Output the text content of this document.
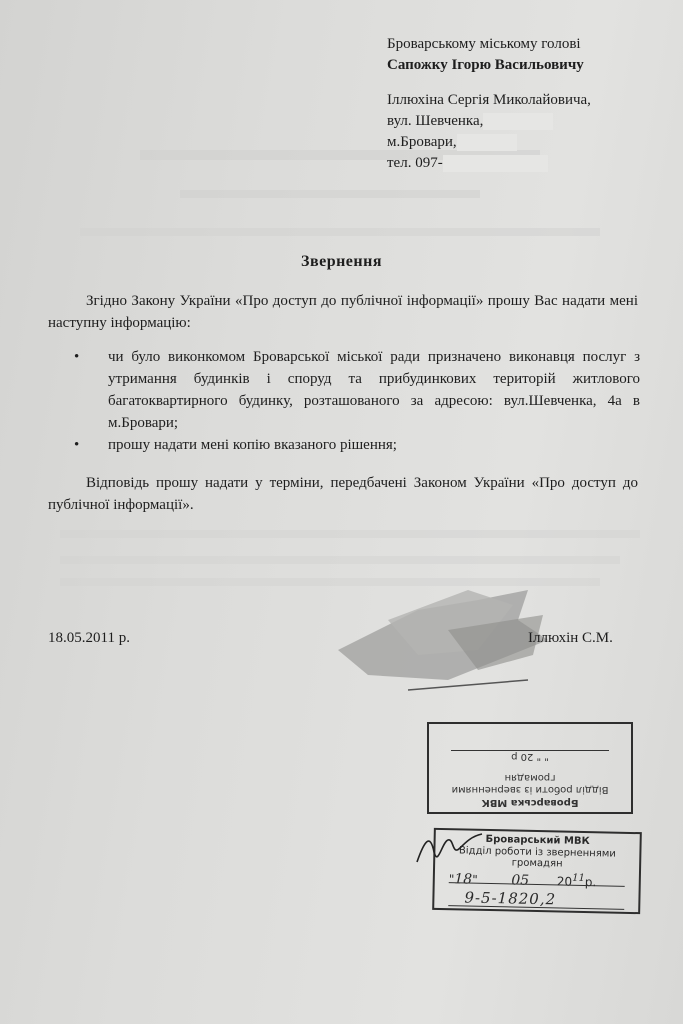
Броварському міському голові
Сапожку Ігорю Васильовичу
Іллюхіна Сергія Миколайовича,
вул. Шевченка,
м.Бровари,
тел. 097-
Звернення

Згідно Закону України «Про доступ до публічної інформації» прошу Вас надати мені наступну інформацію:

• чи було виконкомом Броварської міської ради призначено виконавця послуг з утримання будинків і споруд та прибудинкових територій житлового багатоквартирного будинку, розташованого за адресою: вул.Шевченка, 4а в м.Бровари;
• прошу надати мені копію вказаного рішення;

Відповідь прошу надати у терміни, передбачені Законом України «Про доступ до публічної інформації».

18.05.2011 р.	Іллюхін С.М.
Броварська МВК
Відділ роботи із зверненнями
громадян
" " 20 р
Броварський МВК
Відділ роботи із зверненнями
громадян
"18"  05 $20^{11}р$.
9-5-1820,2
